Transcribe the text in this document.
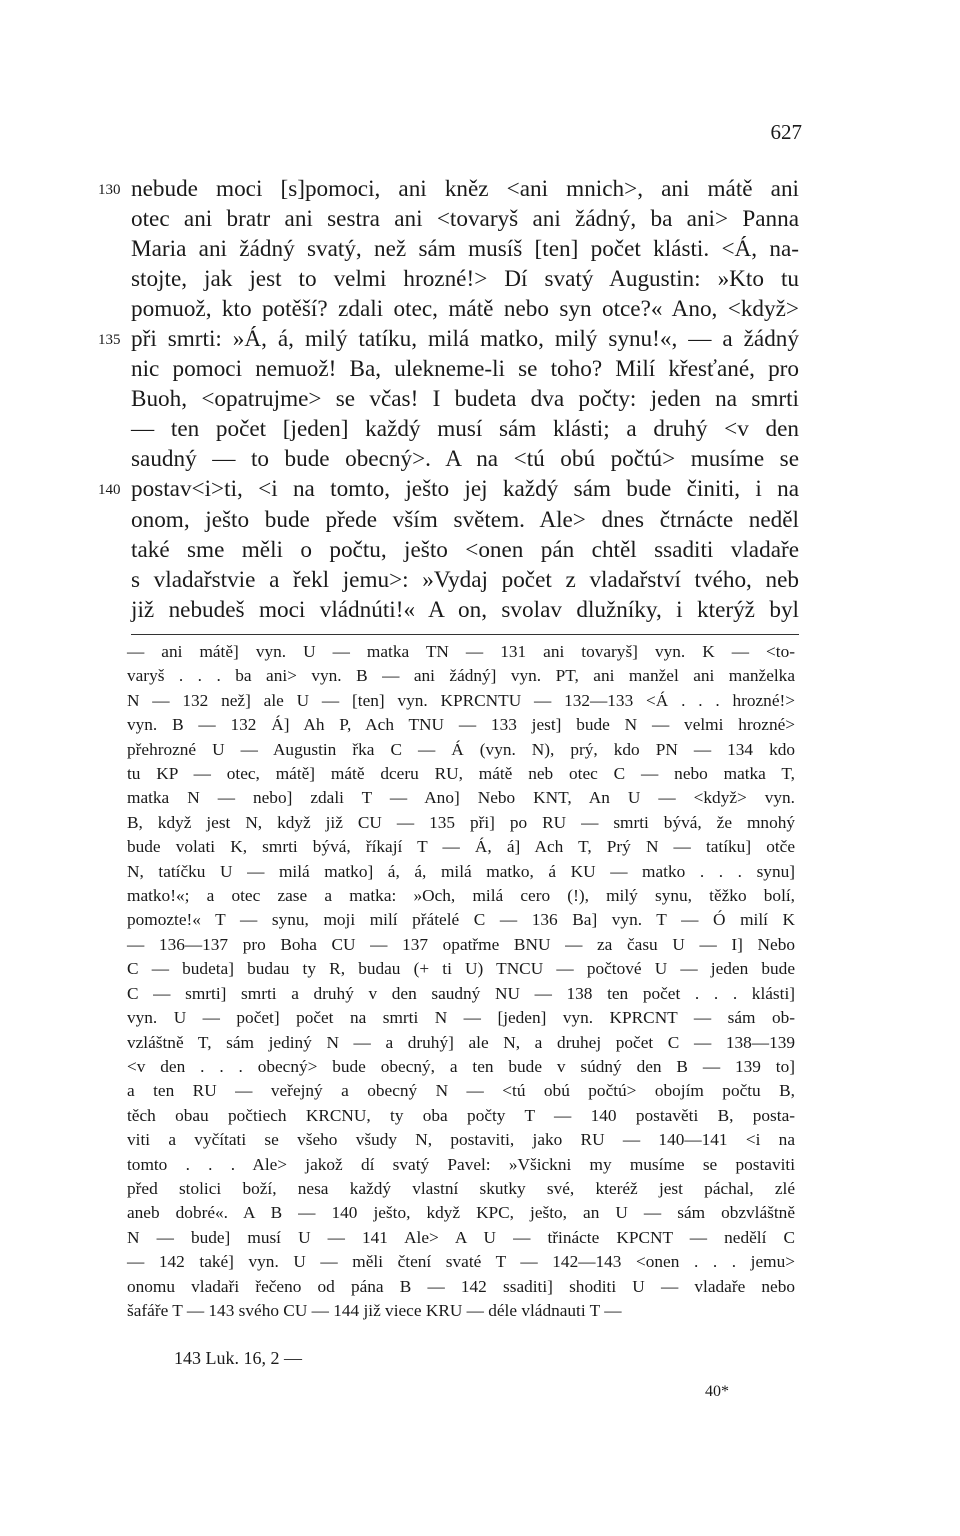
627
130 nebude moci [s]pomoci, ani kněz <ani mnich>, ani mátě ani
otec ani bratr ani sestra ani <tovaryš ani žádný, ba ani> Panna
Maria ani žádný svatý, než sám musíš [ten] počet klásti. <Á, na-
stojte, jak jest to velmi hrozné!> Dí svatý Augustin: »Kto tu
pomuož, kto potěší? zdali otec, mátě nebo syn otce?« Ano, <když>
135 při smrti: »Á, á, milý tatíku, milá matko, milý synu!«, — a žádný
nic pomoci nemuož! Ba, ulekneme-li se toho? Milí křesťané, pro
Buoh, <opatrujme> se včas! I budeta dva počty: jeden na smrti
— ten počet [jeden] každý musí sám klásti; a druhý <v den
saudný — to bude obecný>. A na <tú obú počtú> musíme se
140 postav<i>ti, <i na tomto, ješto jej každý sám bude činiti, i na
onom, ješto bude přede vším světem. Ale> dnes čtrnácte neděl
také sme měli o počtu, ješto <onen pán chtěl ssaditi vladaře
s vladařstvie a řekl jemu>: »Vydaj počet z vladařství tvého, neb
již nebudeš moci vládnúti!« A on, svolav dlužníky, i kterýž byl
— ani mátě] vyn. U — matka TN — 131 ani tovaryš] vyn. K — <to-
varyš . . . ba ani> vyn. B — ani žádný] vyn. PT, ani manžel ani manželka
N — 132 než] ale U — [ten] vyn. KPRCNTU — 132—133 <Á . . . hrozné!>
vyn. B — 132 Á] Ah P, Ach TNU — 133 jest] bude N — velmi hrozné>
přehrozné U — Augustin řka C — Á (vyn. N), prý, kdo PN — 134 kdo
tu KP — otec, mátě] mátě dceru RU, mátě neb otec C — nebo matka T,
matka N — nebo] zdali T — Ano] Nebo KNT, An U — <když> vyn.
B, když jest N, když již CU — 135 při] po RU — smrti bývá, že mnohý
bude volati K, smrti bývá, říkají T — Á, á] Ach T, Prý N — tatíku] otče
N, tatíčku U — milá matko] á, á, milá matko, á KU — matko . . . synu]
matko!«; a otec zase a matka: »Och, milá cero (!), milý synu, těžko bolí,
pomozte!« T — synu, moji milí přátelé C — 136 Ba] vyn. T — Ó milí K
— 136—137 pro Boha CU — 137 opatřme BNU — za času U — I] Nebo
C — budeta] budau ty R, budau (+ ti U) TNCU — počtové U — jeden bude
C — smrti] smrti a druhý v den saudný NU — 138 ten počet . . . klásti]
vyn. U — počet] počet na smrti N — [jeden] vyn. KPRCNT — sám ob-
vzláštně T, sám jediný N — a druhý] ale N, a druhej počet C — 138—139
<v den . . . obecný> bude obecný, a ten bude v súdný den B — 139 to]
a ten RU — veřejný a obecný N — <tú obú počtú> obojím počtu B,
těch obau počtiech KRCNU, ty oba počty T — 140 postavěti B, posta-
viti a vyčítati se všeho všudy N, postaviti, jako RU — 140—141 <i na
tomto . . . Ale> jakož dí svatý Pavel: »Všickni my musíme se postaviti
před stolici boží, nesa každý vlastní skutky své, kteréž jest páchal, zlé
aneb dobré«. A B — 140 ješto, když KPC, ješto, an U — sám obzvláštně
N — bude] musí U — 141 Ale> A U — třinácte KPCNT — nedělí C
— 142 také] vyn. U — měli čtení svaté T — 142—143 <onen . . . jemu>
onomu vladaři řečeno od pána B — 142 ssaditi] shoditi U — vladaře nebo
šafáře T — 143 svého CU — 144 již viece KRU — déle vládnauti T —
143 Luk. 16, 2 —
40*
